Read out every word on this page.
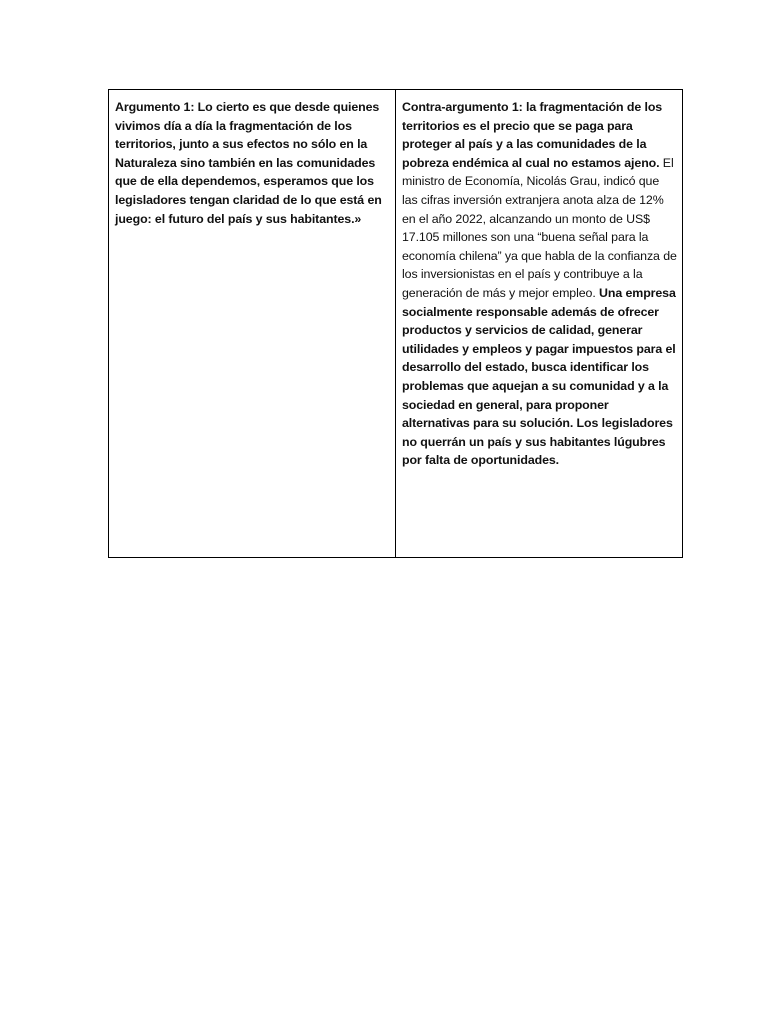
Argumento 1: Lo cierto es que desde quienes vivimos día a día la fragmentación de los territorios, junto a sus efectos no sólo en la Naturaleza sino también en las comunidades que de ella dependemos, esperamos que los legisladores tengan claridad de lo que está en juego: el futuro del país y sus habitantes.»	Contra-argumento 1: la fragmentación de los territorios es el precio que se paga para proteger al país y a las comunidades de la pobreza endémica al cual no estamos ajeno. El ministro de Economía, Nicolás Grau, indicó que las cifras inversión extranjera anota alza de 12% en el año 2022, alcanzando un monto de US$ 17.105 millones son una “buena señal para la economía chilena” ya que habla de la confianza de los inversionistas en el país y contribuye a la generación de más y mejor empleo. Una empresa socialmente responsable además de ofrecer productos y servicios de calidad, generar utilidades y empleos y pagar impuestos para el desarrollo del estado, busca identificar los problemas que aquejan a su comunidad y a la sociedad en general, para proponer alternativas para su solución. Los legisladores no querrán un país y sus habitantes lúgubres por falta de oportunidades.
